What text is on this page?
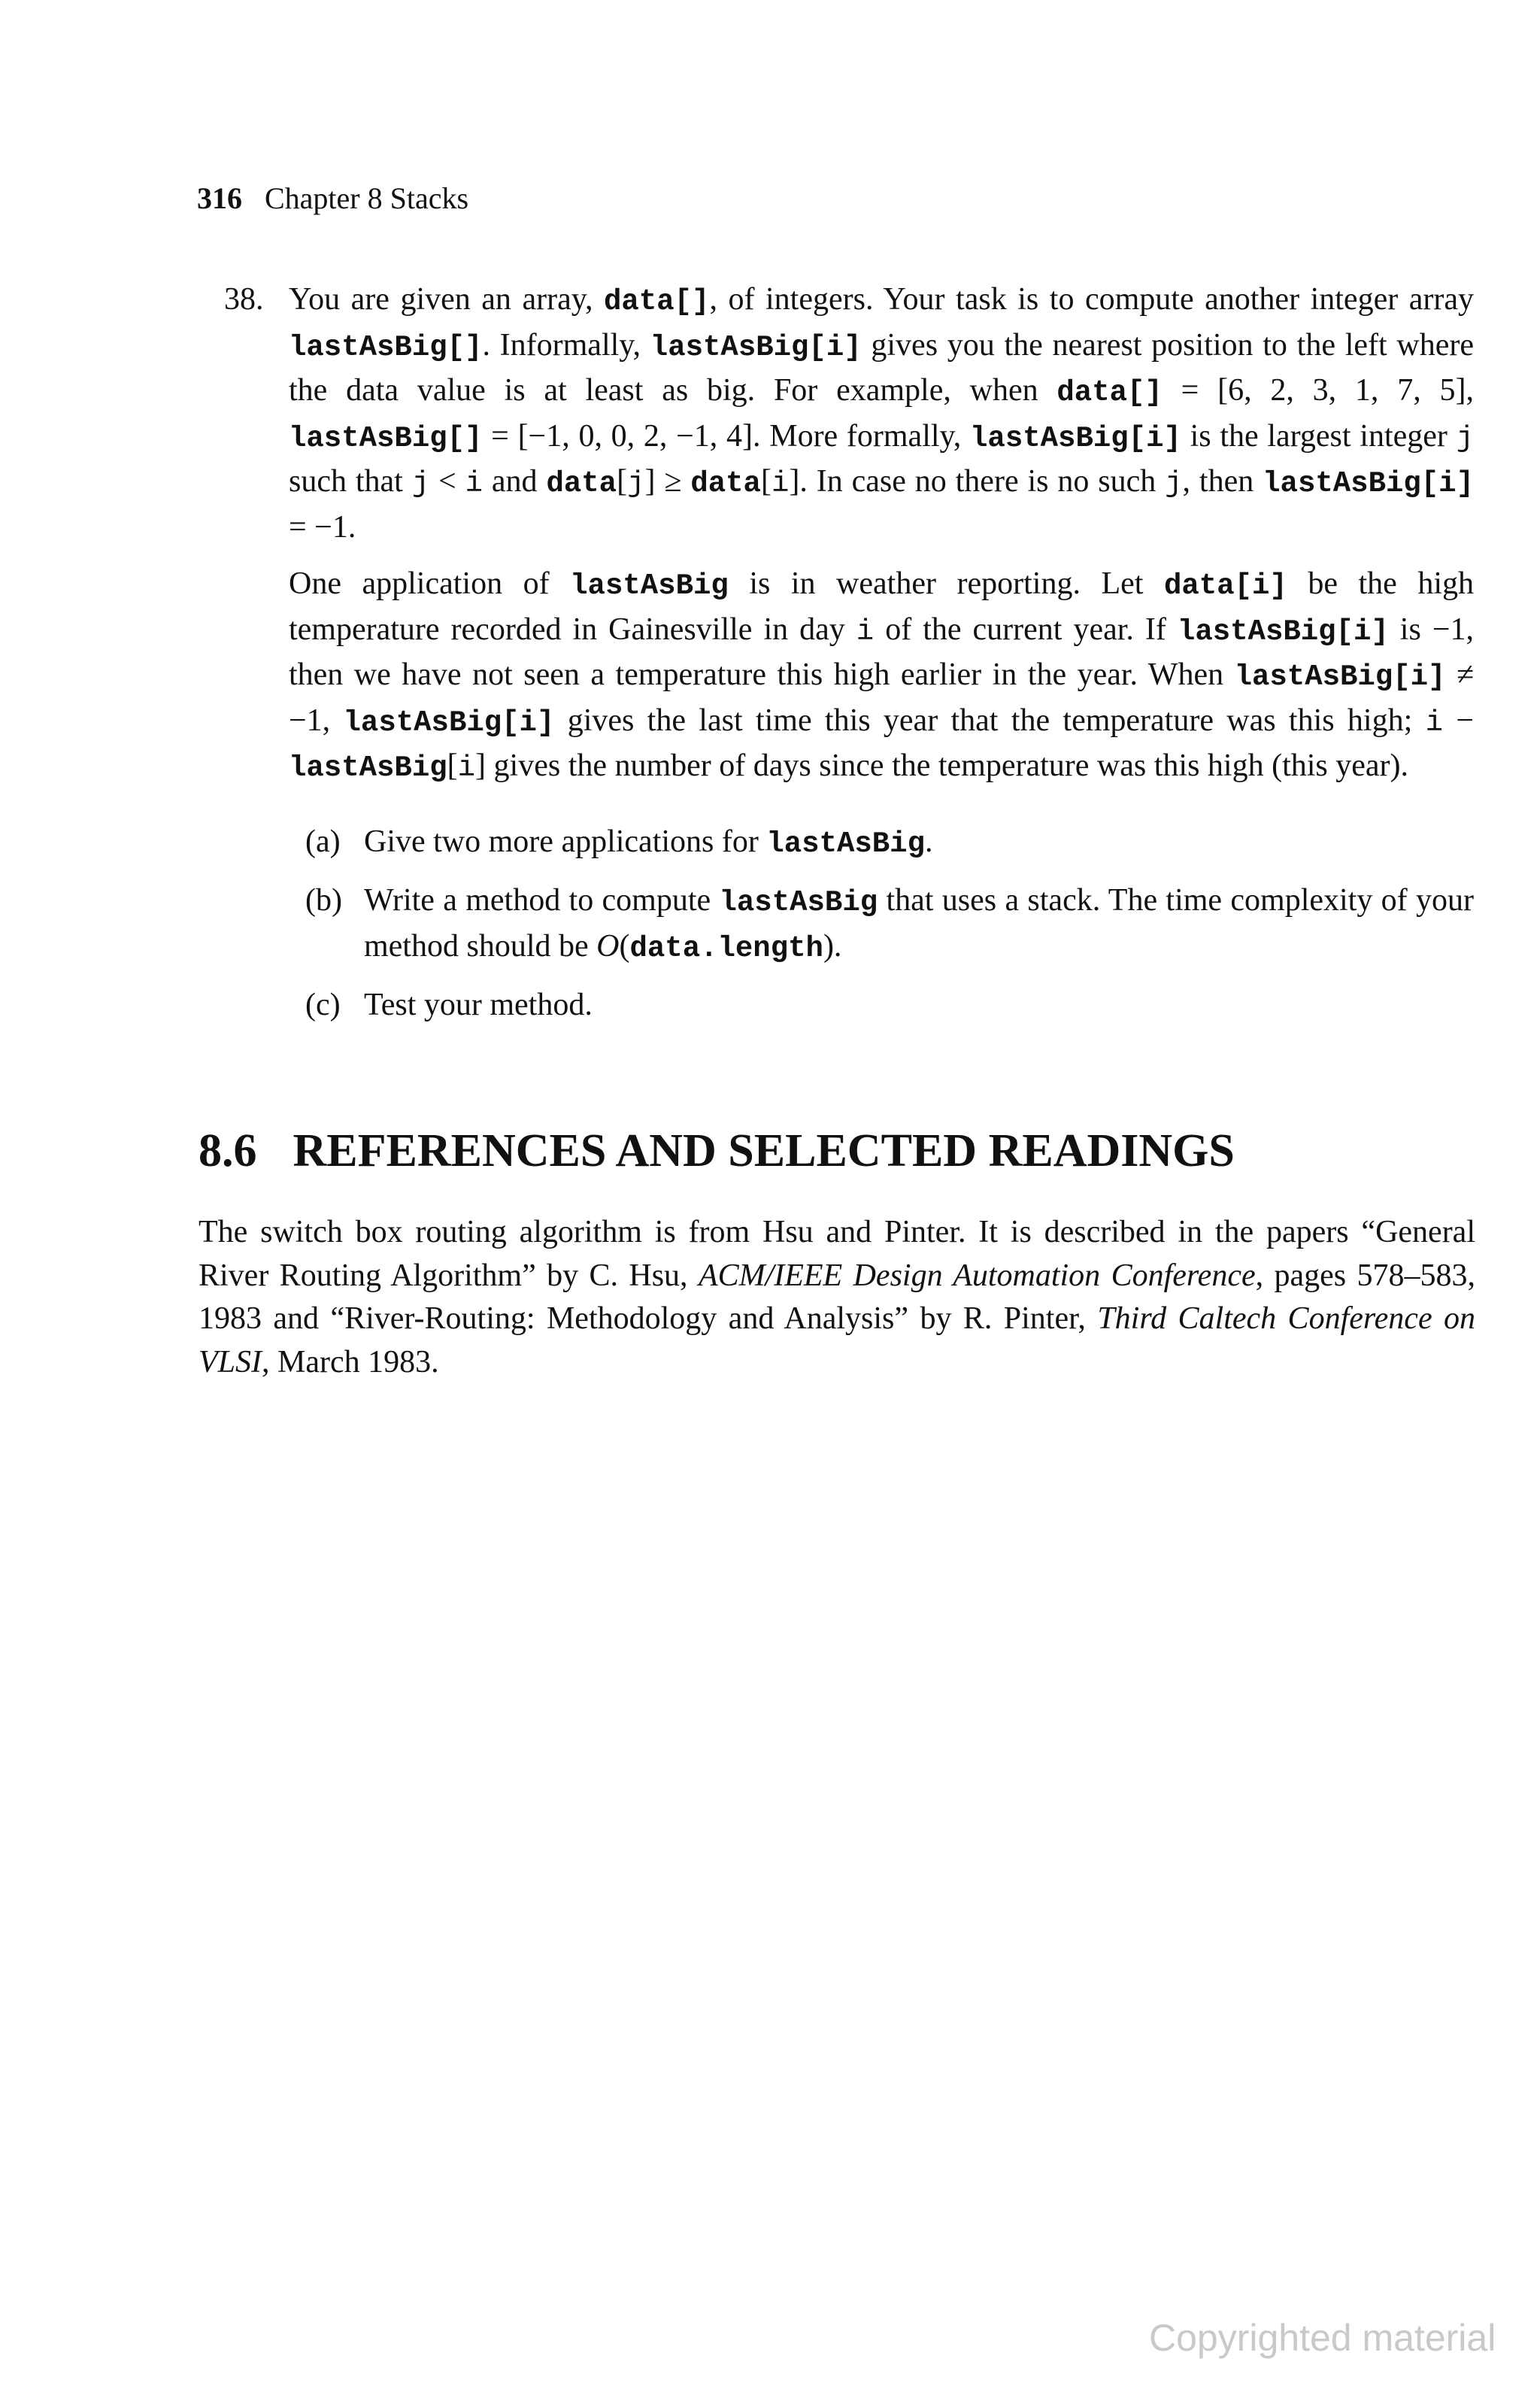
316 Chapter 8 Stacks
38. You are given an array, data[], of integers. Your task is to compute another integer array lastAsBig[]. Informally, lastAsBig[i] gives you the nearest position to the left where the data value is at least as big. For example, when data[] = [6, 2, 3, 1, 7, 5], lastAsBig[] = [−1, 0, 0, 2, −1, 4]. More formally, lastAsBig[i] is the largest integer j such that j < i and data[j] ≥ data[i]. In case no there is no such j, then lastAsBig[i] = −1.

One application of lastAsBig is in weather reporting. Let data[i] be the high temperature recorded in Gainesville in day i of the current year. If lastAsBig[i] is −1, then we have not seen a temperature this high earlier in the year. When lastAsBig[i] ≠ −1, lastAsBig[i] gives the last time this year that the temperature was this high; i − lastAsBig[i] gives the number of days since the temperature was this high (this year).

(a) Give two more applications for lastAsBig.
(b) Write a method to compute lastAsBig that uses a stack. The time complexity of your method should be O(data.length).
(c) Test your method.
8.6 REFERENCES AND SELECTED READINGS

The switch box routing algorithm is from Hsu and Pinter. It is described in the papers “General River Routing Algorithm” by C. Hsu, ACM/IEEE Design Automation Conference, pages 578–583, 1983 and “River-Routing: Methodology and Analysis” by R. Pinter, Third Caltech Conference on VLSI, March 1983.

Copyrighted material
